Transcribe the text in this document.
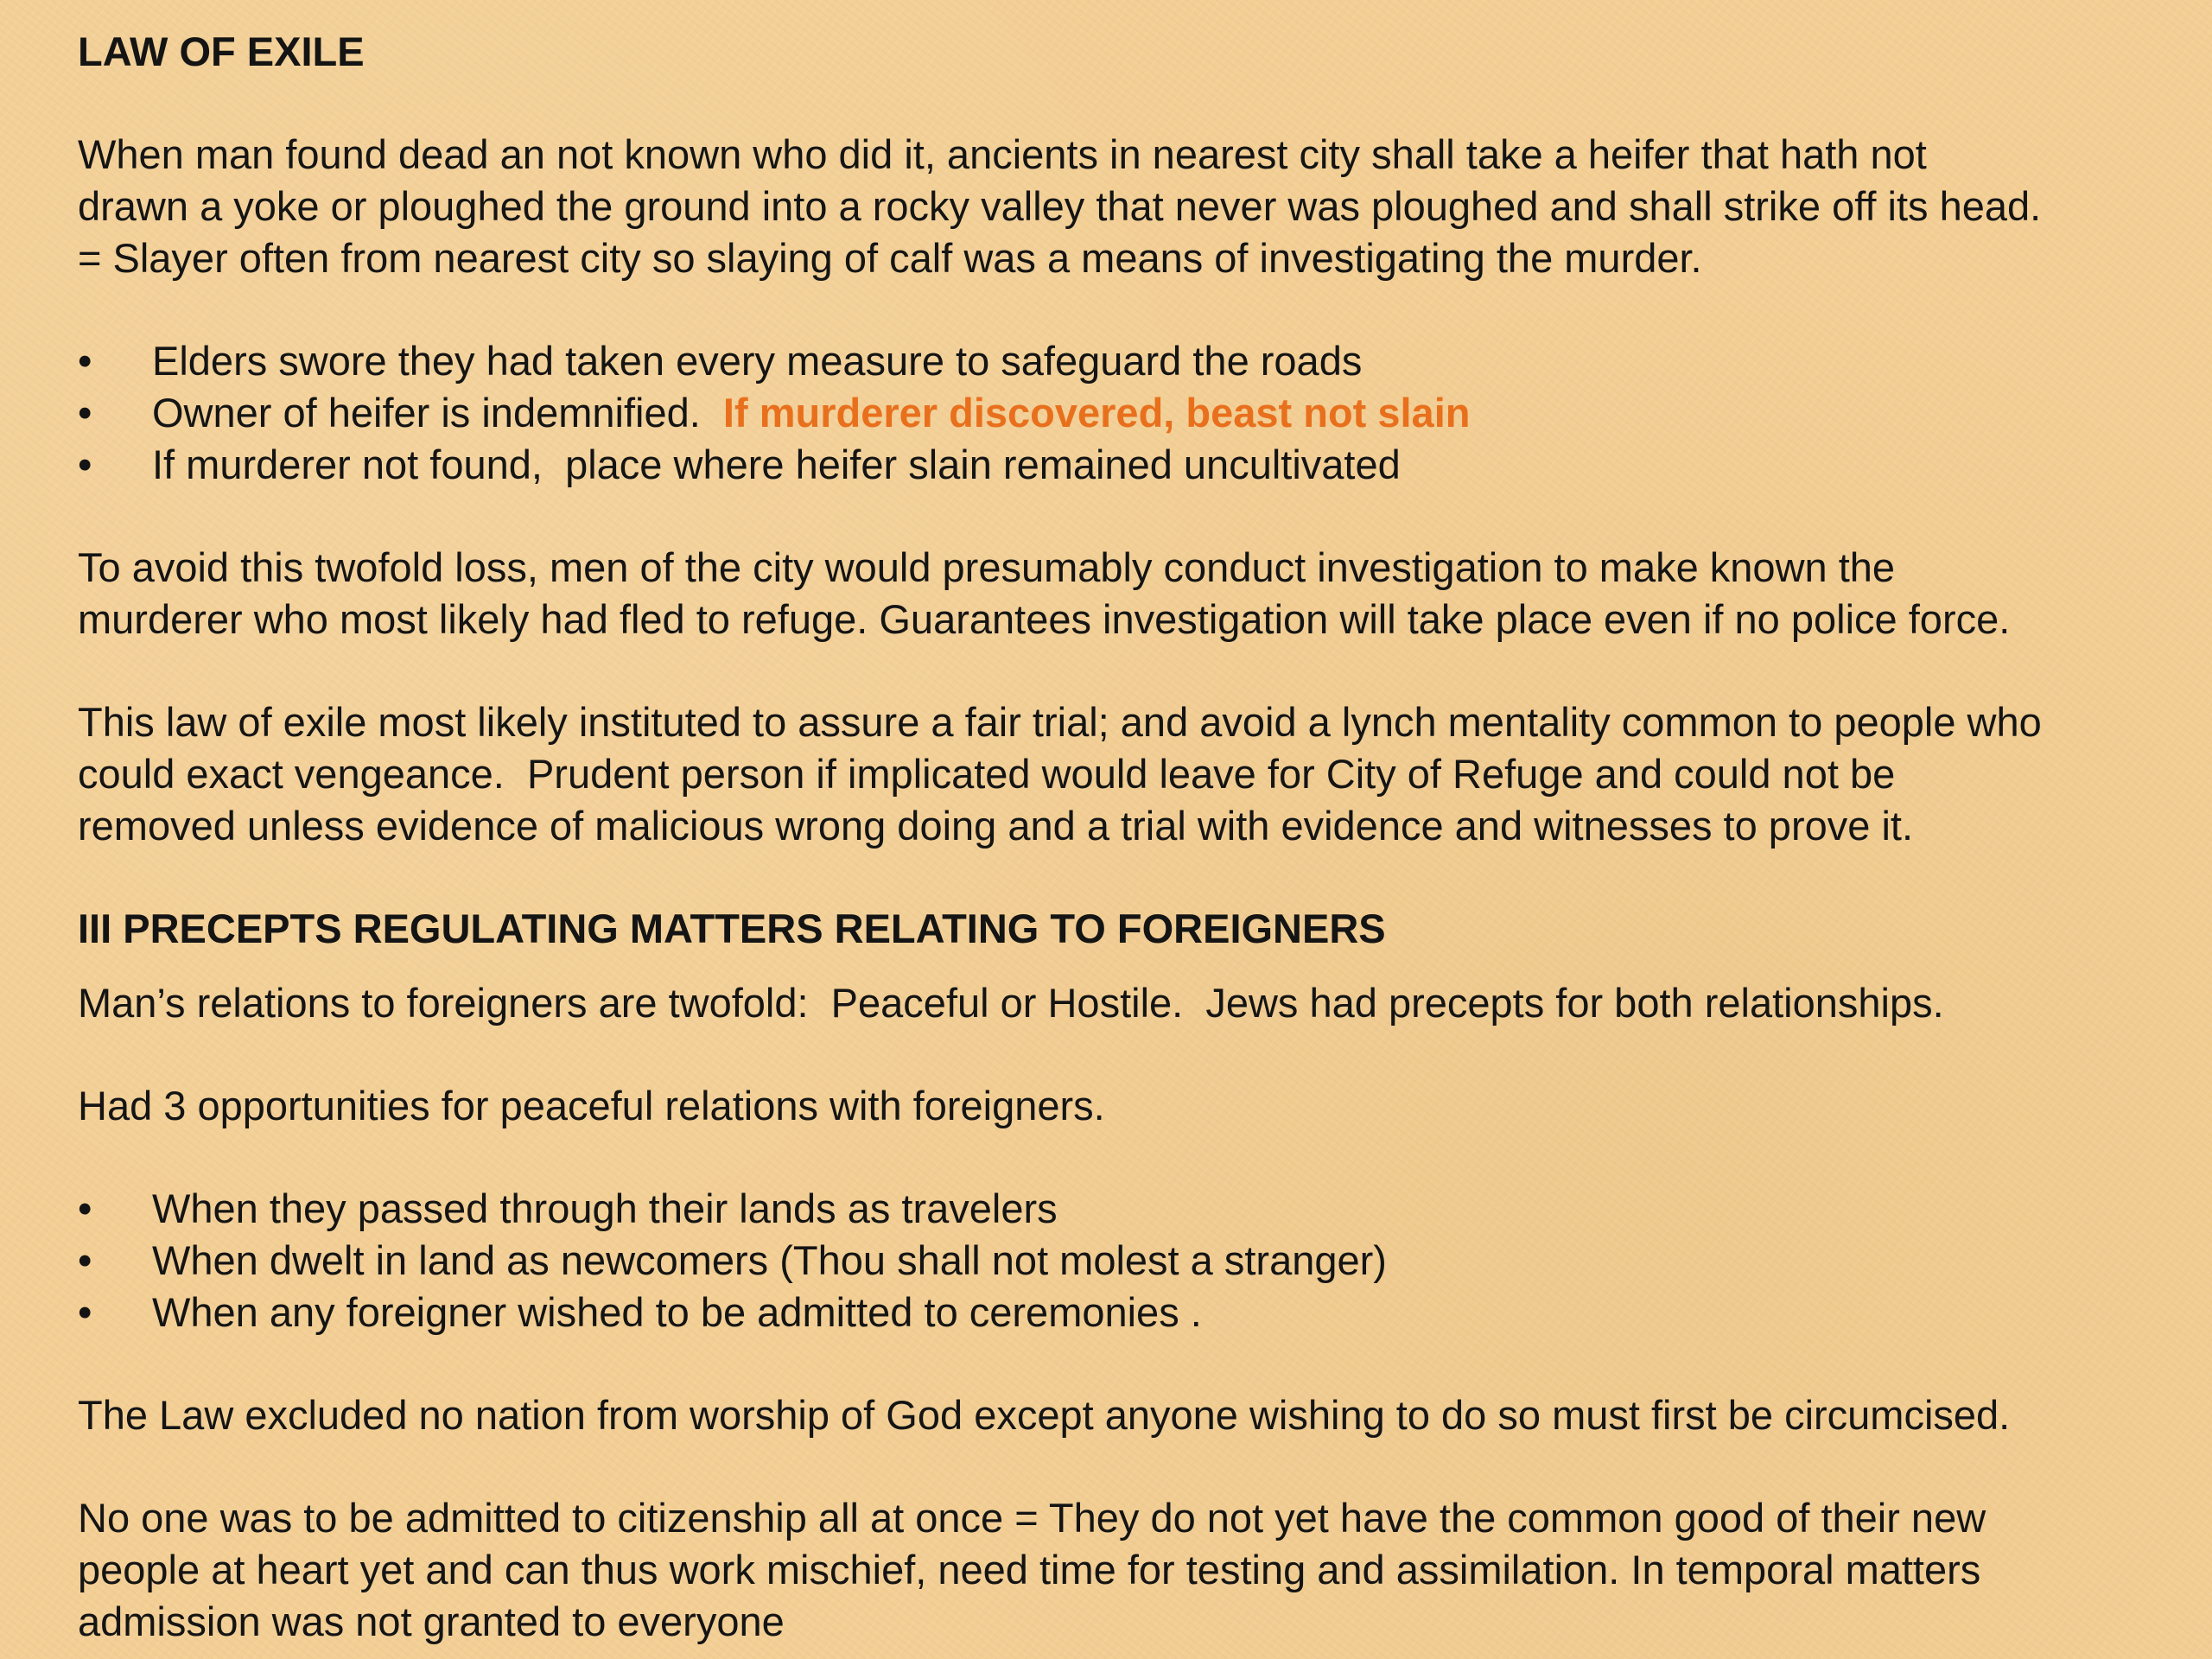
LAW OF EXILE
When man found dead an not known who did it, ancients in nearest city shall take a heifer that hath not
drawn a yoke or ploughed the ground into a rocky valley that never was ploughed and shall strike off its head.
= Slayer often from nearest city so slaying of calf was a means of investigating the murder.
•	Elders swore they had taken every measure to safeguard the roads
•	Owner of heifer is indemnified.  If murderer discovered, beast not slain
•	If murderer not found,  place where heifer slain remained uncultivated
To avoid this twofold loss, men of the city would presumably conduct investigation to make known the
murderer who most likely had fled to refuge. Guarantees investigation will take place even if no police force.
This law of exile most likely instituted to assure a fair trial; and avoid a lynch mentality common to people who
could exact vengeance.  Prudent person if implicated would leave for City of Refuge and could not be
removed unless evidence of malicious wrong doing and a trial with evidence and witnesses to prove it.
III PRECEPTS REGULATING MATTERS RELATING TO FOREIGNERS
Man’s relations to foreigners are twofold:  Peaceful or Hostile.  Jews had precepts for both relationships.
Had 3 opportunities for peaceful relations with foreigners.
•	When they passed through their lands as travelers
•	When dwelt in land as newcomers (Thou shall not molest a stranger)
•	When any foreigner wished to be admitted to ceremonies .
The Law excluded no nation from worship of God except anyone wishing to do so must first be circumcised.
No one was to be admitted to citizenship all at once = They do not yet have the common good of their new
people at heart yet and can thus work mischief, need time for testing and assimilation. In temporal matters
admission was not granted to everyone
